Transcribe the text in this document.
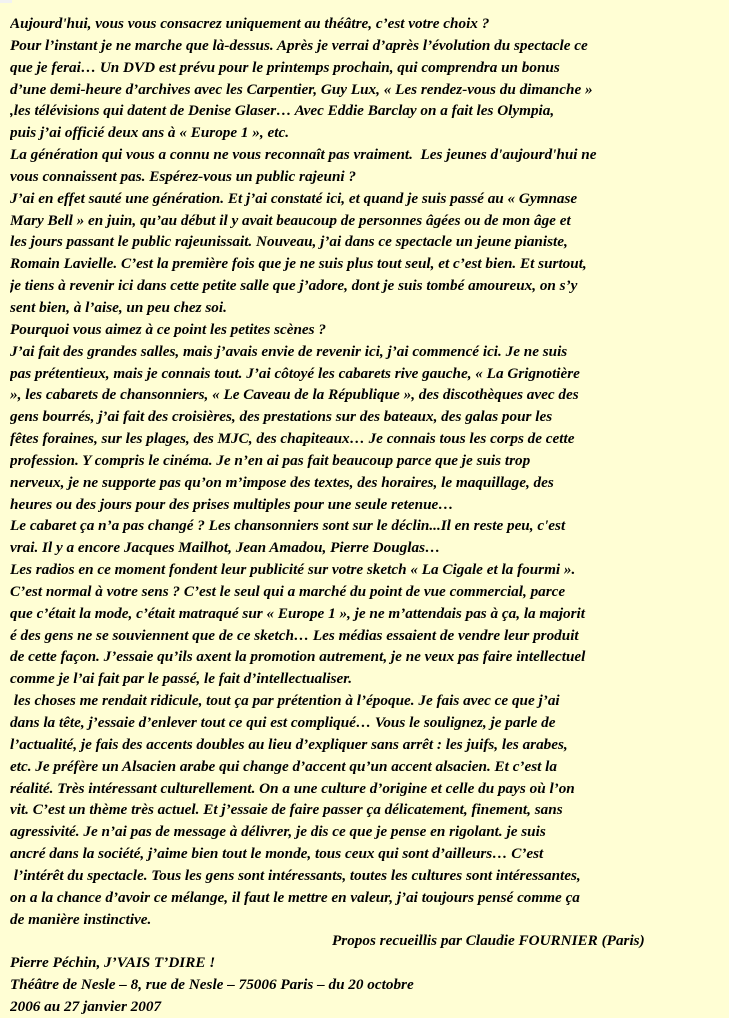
Aujourd'hui, vous vous consacrez uniquement au théâtre, c’est votre choix ?
Pour l’instant je ne marche que là-dessus. Après je verrai d’après l’évolution du spectacle ce
que je ferai… Un DVD est prévu pour le printemps prochain, qui comprendra un bonus
d’une demi-heure d’archives avec les Carpentier, Guy Lux, « Les rendez-vous du dimanche »
,les télévisions qui datent de Denise Glaser… Avec Eddie Barclay on a fait les Olympia,
puis j’ai officié deux ans à « Europe 1 », etc.
La génération qui vous a connu ne vous reconnaît pas vraiment.  Les jeunes d'aujourd'hui ne
vous connaissent pas. Espérez-vous un public rajeuni ?
J’ai en effet sauté une génération. Et j’ai constaté ici, et quand je suis passé au « Gymnase
Mary Bell » en juin, qu’au début il y avait beaucoup de personnes âgées ou de mon âge et
les jours passant le public rajeunissait. Nouveau, j’ai dans ce spectacle un jeune pianiste,
Romain Lavielle. C’est la première fois que je ne suis plus tout seul, et c’est bien. Et surtout,
je tiens à revenir ici dans cette petite salle que j’adore, dont je suis tombé amoureux, on s’y
sent bien, à l’aise, un peu chez soi.
Pourquoi vous aimez à ce point les petites scènes ?
J’ai fait des grandes salles, mais j’avais envie de revenir ici, j’ai commencé ici. Je ne suis
pas prétentieux, mais je connais tout. J’ai côtoyé les cabarets rive gauche, « La Grignotière
», les cabarets de chansonniers, « Le Caveau de la République », des discothèques avec des
gens bourrés, j’ai fait des croisières, des prestations sur des bateaux, des galas pour les
fêtes foraines, sur les plages, des MJC, des chapiteaux… Je connais tous les corps de cette
profession. Y compris le cinéma. Je n’en ai pas fait beaucoup parce que je suis trop
nerveux, je ne supporte pas qu’on m’impose des textes, des horaires, le maquillage, des
heures ou des jours pour des prises multiples pour une seule retenue…
Le cabaret ça n’a pas changé ? Les chansonniers sont sur le déclin...Il en reste peu, c'est
vrai. Il y a encore Jacques Mailhot, Jean Amadou, Pierre Douglas…
Les radios en ce moment fondent leur publicité sur votre sketch « La Cigale et la fourmi ».
C’est normal à votre sens ? C’est le seul qui a marché du point de vue commercial, parce
que c’était la mode, c’était matraqué sur « Europe 1 », je ne m’attendais pas à ça, la majorit
é des gens ne se souviennent que de ce sketch… Les médias essaient de vendre leur produit
de cette façon. J’essaie qu’ils axent la promotion autrement, je ne veux pas faire intellectuel
comme je l’ai fait par le passé, le fait d’intellectualiser.
les choses me rendait ridicule, tout ça par prétention à l’époque. Je fais avec ce que j’ai
dans la tête, j’essaie d’enlever tout ce qui est compliqué… Vous le soulignez, je parle de
l’actualité, je fais des accents doubles au lieu d’expliquer sans arrêt : les juifs, les arabes,
etc. Je préfère un Alsacien arabe qui change d’accent qu’un accent alsacien. Et c’est la
réalité. Très intéressant culturellement. On a une culture d’origine et celle du pays où l’on
vit. C’est un thème très actuel. Et j’essaie de faire passer ça délicatement, finement, sans
agressivité. Je n’ai pas de message à délivrer, je dis ce que je pense en rigolant. je suis
ancré dans la société, j’aime bien tout le monde, tous ceux qui sont d’ailleurs… C’est
l’intérêt du spectacle. Tous les gens sont intéressants, toutes les cultures sont intéressantes,
on a la chance d’avoir ce mélange, il faut le mettre en valeur, j’ai toujours pensé comme ça
de manière instinctive.
Propos recueillis par Claudie FOURNIER (Paris)
Pierre Péchin, J’VAIS T’DIRE !
Théâtre de Nesle – 8, rue de Nesle – 75006 Paris – du 20 octobre
2006 au 27 janvier 2007
